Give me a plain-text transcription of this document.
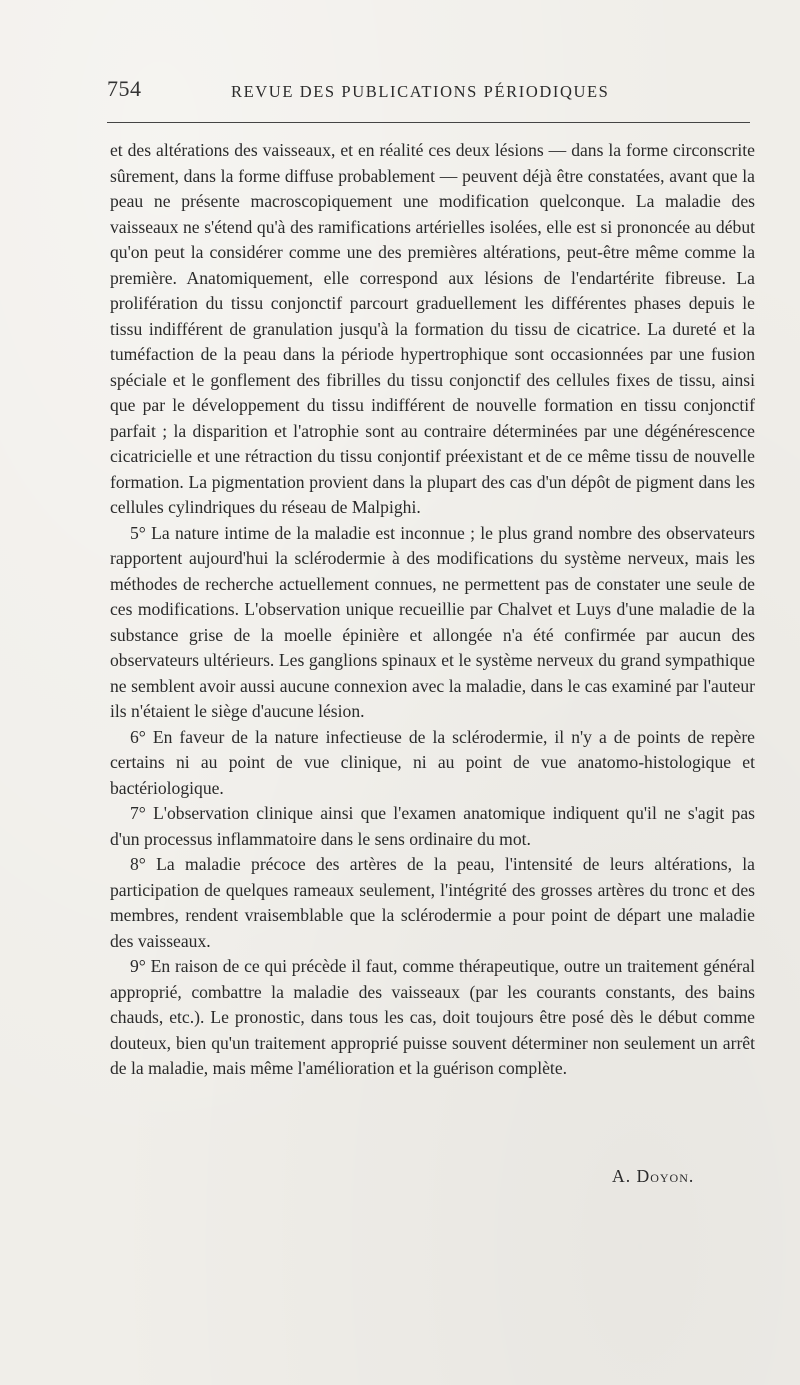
754	REVUE DES PUBLICATIONS PÉRIODIQUES

et des altérations des vaisseaux, et en réalité ces deux lésions — dans la forme circonscrite sûrement, dans la forme diffuse probablement — peuvent déjà être constatées, avant que la peau ne présente macroscopiquement une modification quelconque. La maladie des vaisseaux ne s'étend qu'à des ramifications artérielles isolées, elle est si prononcée au début qu'on peut la considérer comme une des premières altérations, peut-être même comme la première. Anatomiquement, elle correspond aux lésions de l'endartérite fibreuse. La prolifération du tissu conjonctif parcourt graduellement les différentes phases depuis le tissu indifférent de granulation jusqu'à la formation du tissu de cicatrice. La dureté et la tuméfaction de la peau dans la période hypertrophique sont occasionnées par une fusion spéciale et le gonflement des fibrilles du tissu conjonctif des cellules fixes de tissu, ainsi que par le développement du tissu indifférent de nouvelle formation en tissu conjonctif parfait ; la disparition et l'atrophie sont au contraire déterminées par une dégénérescence cicatricielle et une rétraction du tissu conjontif préexistant et de ce même tissu de nouvelle formation. La pigmentation provient dans la plupart des cas d'un dépôt de pigment dans les cellules cylindriques du réseau de Malpighi.

5° La nature intime de la maladie est inconnue ; le plus grand nombre des observateurs rapportent aujourd'hui la sclérodermie à des modifications du système nerveux, mais les méthodes de recherche actuellement connues, ne permettent pas de constater une seule de ces modifications. L'observation unique recueillie par Chalvet et Luys d'une maladie de la substance grise de la moelle épinière et allongée n'a été confirmée par aucun des observateurs ultérieurs. Les ganglions spinaux et le système nerveux du grand sympathique ne semblent avoir aussi aucune connexion avec la maladie, dans le cas examiné par l'auteur ils n'étaient le siège d'aucune lésion.

6° En faveur de la nature infectieuse de la sclérodermie, il n'y a de points de repère certains ni au point de vue clinique, ni au point de vue anatomo-histologique et bactériologique.

7° L'observation clinique ainsi que l'examen anatomique indiquent qu'il ne s'agit pas d'un processus inflammatoire dans le sens ordinaire du mot.

8° La maladie précoce des artères de la peau, l'intensité de leurs altérations, la participation de quelques rameaux seulement, l'intégrité des grosses artères du tronc et des membres, rendent vraisemblable que la sclérodermie a pour point de départ une maladie des vaisseaux.

9° En raison de ce qui précède il faut, comme thérapeutique, outre un traitement général approprié, combattre la maladie des vaisseaux (par les courants constants, des bains chauds, etc.). Le pronostic, dans tous les cas, doit toujours être posé dès le début comme douteux, bien qu'un traitement approprié puisse souvent déterminer non seulement un arrêt de la maladie, mais même l'amélioration et la guérison complète.

A. Doyon.
